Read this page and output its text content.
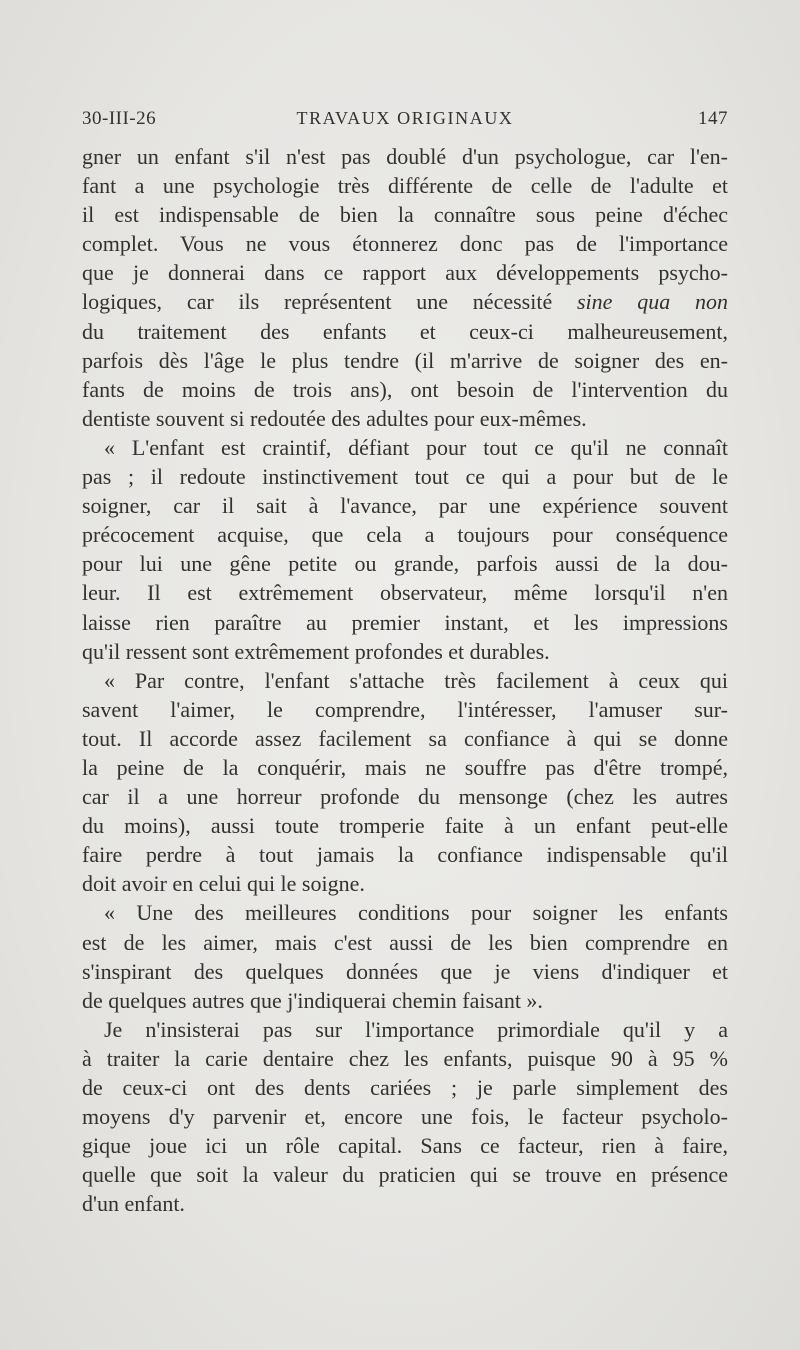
30-III-26	TRAVAUX ORIGINAUX	147
gner un enfant s'il n'est pas doublé d'un psychologue, car l'en-
fant a une psychologie très différente de celle de l'adulte et
il est indispensable de bien la connaître sous peine d'échec
complet. Vous ne vous étonnerez donc pas de l'importance
que je donnerai dans ce rapport aux développements psycho-
logiques, car ils représentent une nécessité sine qua non
du traitement des enfants et ceux-ci malheureusement,
parfois dès l'âge le plus tendre (il m'arrive de soigner des en-
fants de moins de trois ans), ont besoin de l'intervention du
dentiste souvent si redoutée des adultes pour eux-mêmes.
« L'enfant est craintif, défiant pour tout ce qu'il ne connaît
pas ; il redoute instinctivement tout ce qui a pour but de le
soigner, car il sait à l'avance, par une expérience souvent
précocement acquise, que cela a toujours pour conséquence
pour lui une gêne petite ou grande, parfois aussi de la dou-
leur. Il est extrêmement observateur, même lorsqu'il n'en
laisse rien paraître au premier instant, et les impressions
qu'il ressent sont extrêmement profondes et durables.
« Par contre, l'enfant s'attache très facilement à ceux qui
savent l'aimer, le comprendre, l'intéresser, l'amuser sur-
tout. Il accorde assez facilement sa confiance à qui se donne
la peine de la conquérir, mais ne souffre pas d'être trompé,
car il a une horreur profonde du mensonge (chez les autres
du moins), aussi toute tromperie faite à un enfant peut-elle
faire perdre à tout jamais la confiance indispensable qu'il
doit avoir en celui qui le soigne.
« Une des meilleures conditions pour soigner les enfants
est de les aimer, mais c'est aussi de les bien comprendre en
s'inspirant des quelques données que je viens d'indiquer et
de quelques autres que j'indiquerai chemin faisant ».
Je n'insisterai pas sur l'importance primordiale qu'il y a
à traiter la carie dentaire chez les enfants, puisque 90 à 95 %
de ceux-ci ont des dents cariées ; je parle simplement des
moyens d'y parvenir et, encore une fois, le facteur psycholo-
gique joue ici un rôle capital. Sans ce facteur, rien à faire,
quelle que soit la valeur du praticien qui se trouve en présence
d'un enfant.
